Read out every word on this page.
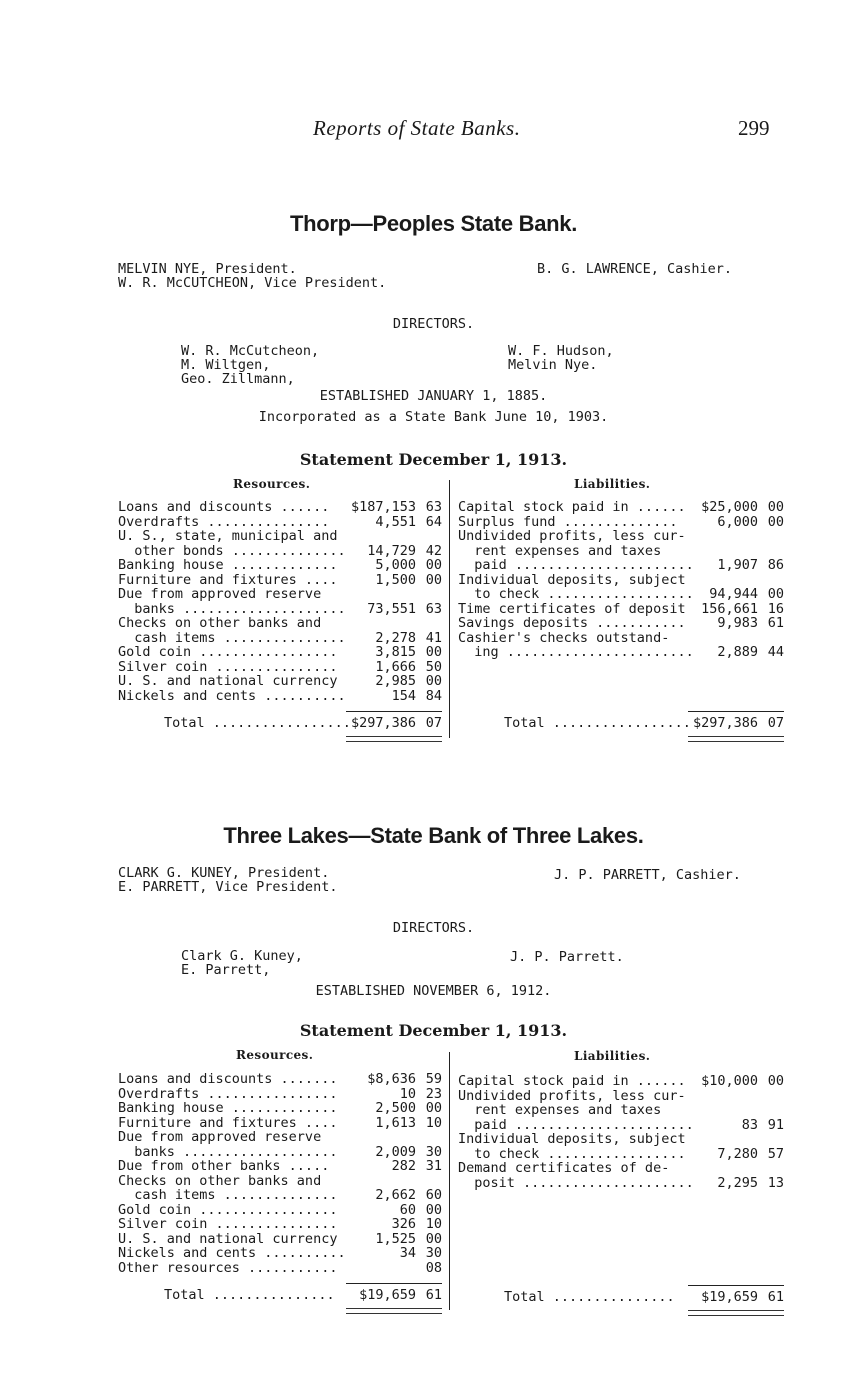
Reports of State Banks.	299
Thorp—Peoples State Bank.
MELVIN NYE, President.
W. R. McCUTCHEON, Vice President.
B. G. LAWRENCE, Cashier.
DIRECTORS.
W. R. McCutcheon,
M. Wiltgen,
Geo. Zillmann,
W. F. Hudson,
Melvin Nye.
ESTABLISHED JANUARY 1, 1885.
Incorporated as a State Bank June 10, 1903.
Statement December 1, 1913.
Resources.	Liabilities.
Loans and discounts ...... $187,153 63
Overdrafts ...............	4,551 64
U. S., state, municipal and
other bonds .............. 14,729 42
Banking house .............	5,000 00
Furniture and fixtures ....	1,500 00
Due from approved reserve
banks .................... 73,551 63
Checks on other banks and
cash items ............... 2,278 41
Gold coin .................	3,815 00
Silver coin ...............	1,666 50
U. S. and national currency	2,985 00
Nickels and cents ..........	154 84
Capital stock paid in ...... $25,000 00
Surplus fund ..............	6,000 00
Undivided profits, less cur-
rent expenses and taxes
paid ...................... 1,907 86
Individual deposits, subject
to check .................. 94,944 00
Time certificates of deposit 156,661 16
Savings deposits ........... 9,983 61
Cashier's checks outstand-
ing ....................... 2,889 44
Total ................. $297,386 07	Total ................. $297,386 07
Three Lakes—State Bank of Three Lakes.
CLARK G. KUNEY, President.
E. PARRETT, Vice President.
J. P. PARRETT, Cashier.
DIRECTORS.
Clark G. Kuney,
E. Parrett,
J. P. Parrett.
ESTABLISHED NOVEMBER 6, 1912.
Statement December 1, 1913.
Resources.	Liabilities.
Loans and discounts ....... $8,636 59
Overdrafts ................	10 23
Banking house .............	2,500 00
Furniture and fixtures ....	1,613 10
Due from approved reserve
banks ...................	2,009 30
Due from other banks .....	282 31
Checks on other banks and
cash items ..............	2,662 60
Gold coin .................	60 00
Silver coin ...............	326 10
U. S. and national currency	1,525 00
Nickels and cents ..........	34 30
Other resources ...........	08
Capital stock paid in ...... $10,000 00
Undivided profits, less cur-
rent expenses and taxes
paid ......................	83 91
Individual deposits, subject
to check ................. 7,280 57
Demand certificates of de-
posit ..................... 2,295 13
Total ............... $19,659 61	Total ............... $19,659 61
